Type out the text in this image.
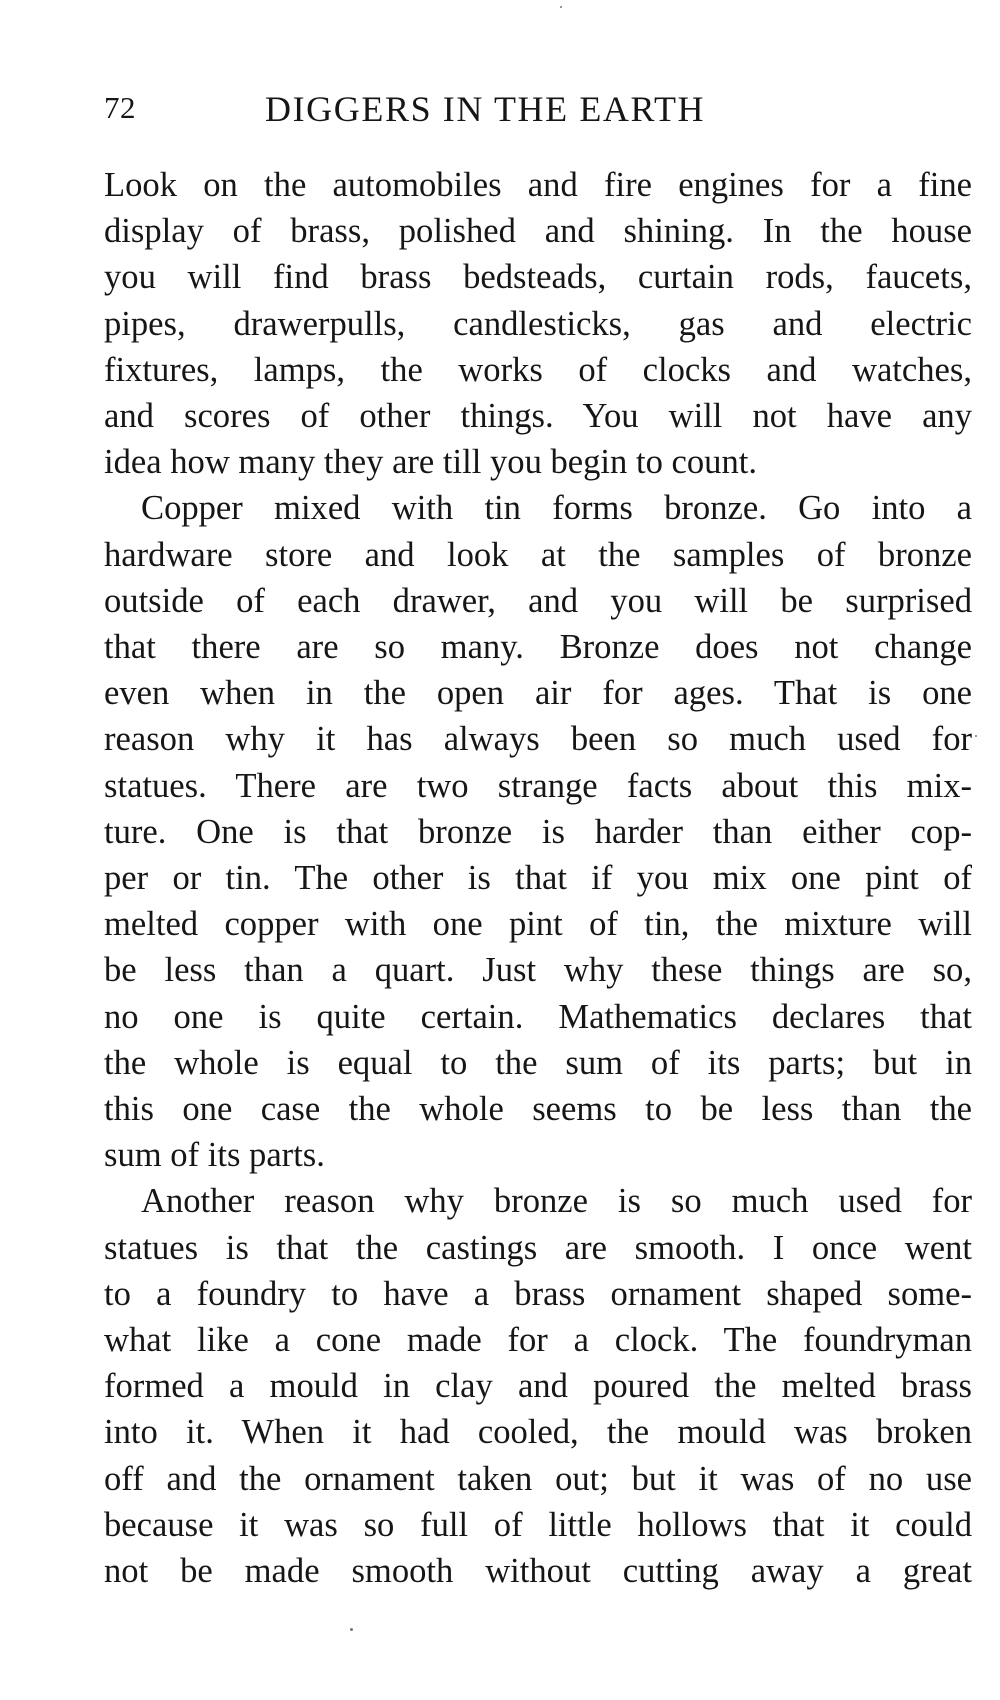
72	DIGGERS IN THE EARTH
Look on the automobiles and fire engines for a fine
display of brass, polished and shining. In the house
you will find brass bedsteads, curtain rods, faucets,
pipes, drawerpulls, candlesticks, gas and electric
fixtures, lamps, the works of clocks and watches,
and scores of other things. You will not have any
idea how many they are till you begin to count.
Copper mixed with tin forms bronze. Go into a
hardware store and look at the samples of bronze
outside of each drawer, and you will be surprised
that there are so many. Bronze does not change
even when in the open air for ages. That is one
reason why it has always been so much used for
statues. There are two strange facts about this mix-
ture. One is that bronze is harder than either cop-
per or tin. The other is that if you mix one pint of
melted copper with one pint of tin, the mixture will
be less than a quart. Just why these things are so,
no one is quite certain. Mathematics declares that
the whole is equal to the sum of its parts; but in
this one case the whole seems to be less than the
sum of its parts.
Another reason why bronze is so much used for
statues is that the castings are smooth. I once went
to a foundry to have a brass ornament shaped some-
what like a cone made for a clock. The foundryman
formed a mould in clay and poured the melted brass
into it. When it had cooled, the mould was broken
off and the ornament taken out; but it was of no use
because it was so full of little hollows that it could
not be made smooth without cutting away a great
